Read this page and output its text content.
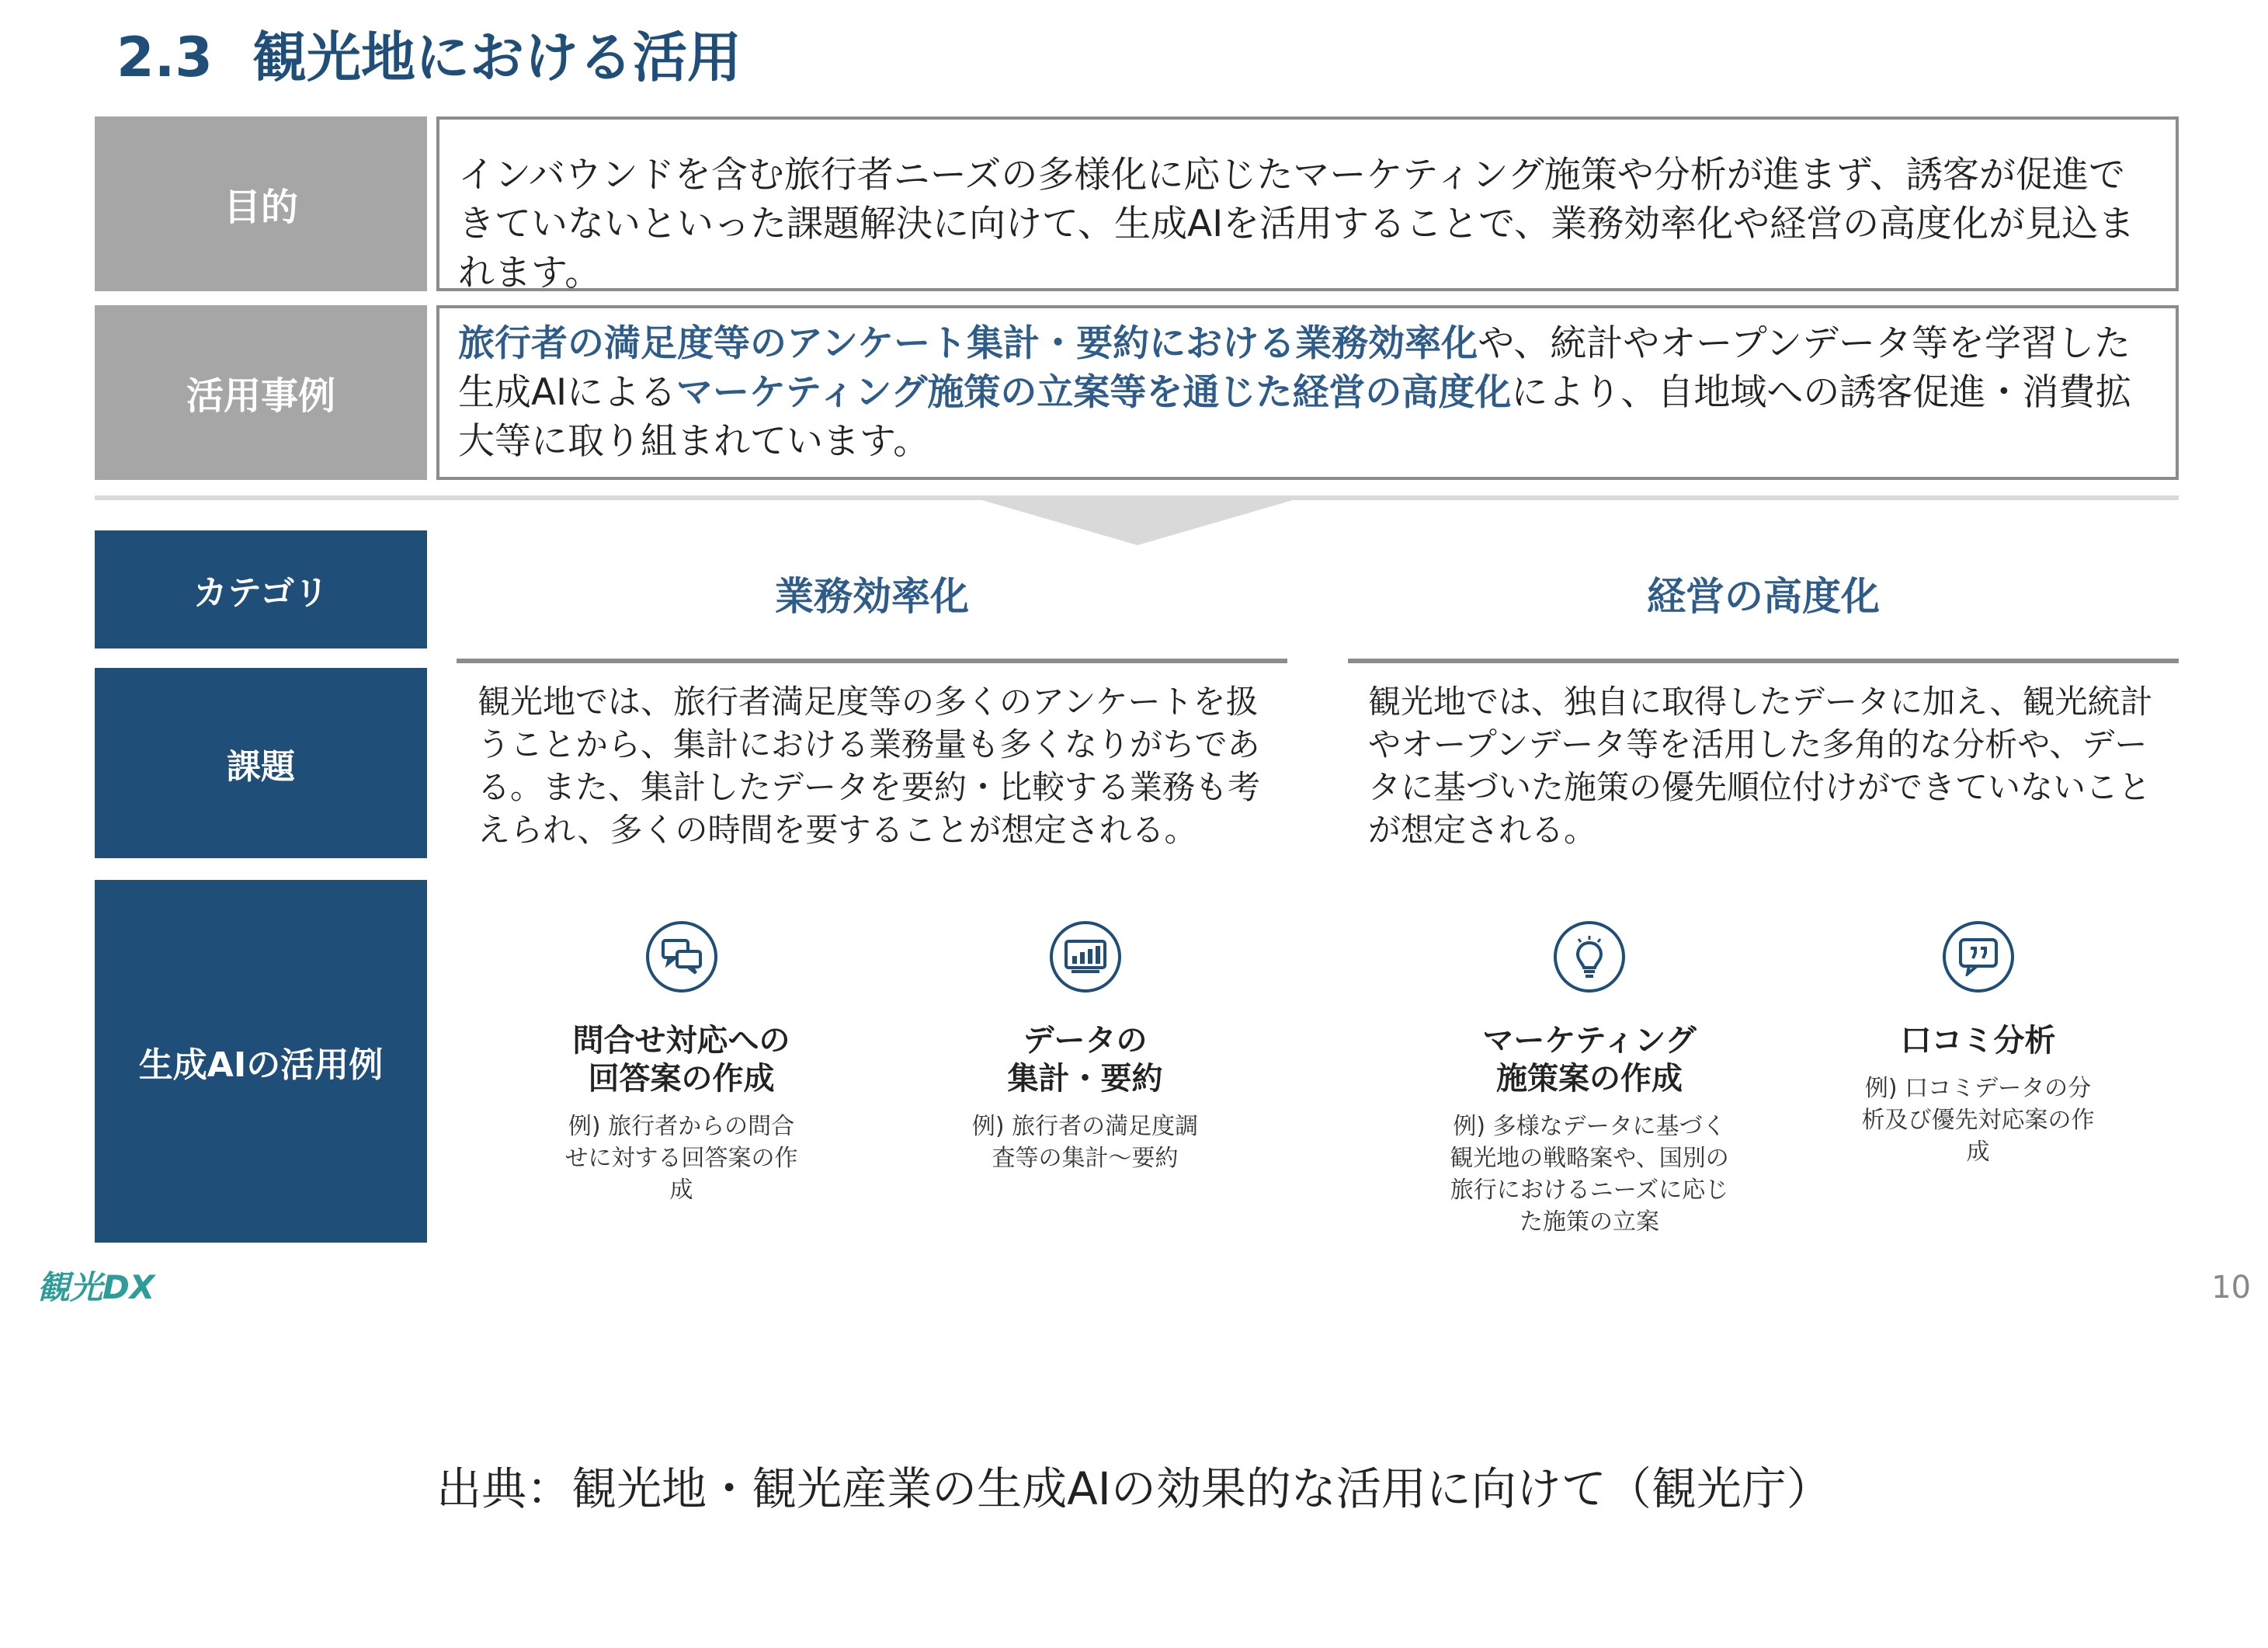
2.3 観光地における活用
目的
インバウンドを含む旅行者ニーズの多様化に応じたマーケティング施策や分析が進まず、誘客が促進できていないといった課題解決に向けて、生成AIを活用することで、業務効率化や経営の高度化が見込まれます。
活用事例
旅行者の満足度等のアンケート集計・要約における業務効率化や、統計やオープンデータ等を学習した生成AIによるマーケティング施策の立案等を通じた経営の高度化により、自地域への誘客促進・消費拡大等に取り組まれています。
カテゴリ
課題
生成AIの活用例
業務効率化	経営の高度化
観光地では、旅行者満足度等の多くのアンケートを扱うことから、集計における業務量も多くなりがちである。また、集計したデータを要約・比較する業務も考えられ、多くの時間を要することが想定される。
観光地では、独自に取得したデータに加え、観光統計やオープンデータ等を活用した多角的な分析や、データに基づいた施策の優先順位付けができていないことが想定される。
問合せ対応への
回答案の作成
例) 旅行者からの問合せに対する回答案の作成
データの
集計・要約
例) 旅行者の満足度調査等の集計～要約
マーケティング
施策案の作成
例) 多様なデータに基づく観光地の戦略案や、国別の旅行におけるニーズに応じた施策の立案
口コミ分析

例) 口コミデータの分析及び優先対応案の作成
観光DX	10
出典：観光地・観光産業の生成AIの効果的な活用に向けて（観光庁）
